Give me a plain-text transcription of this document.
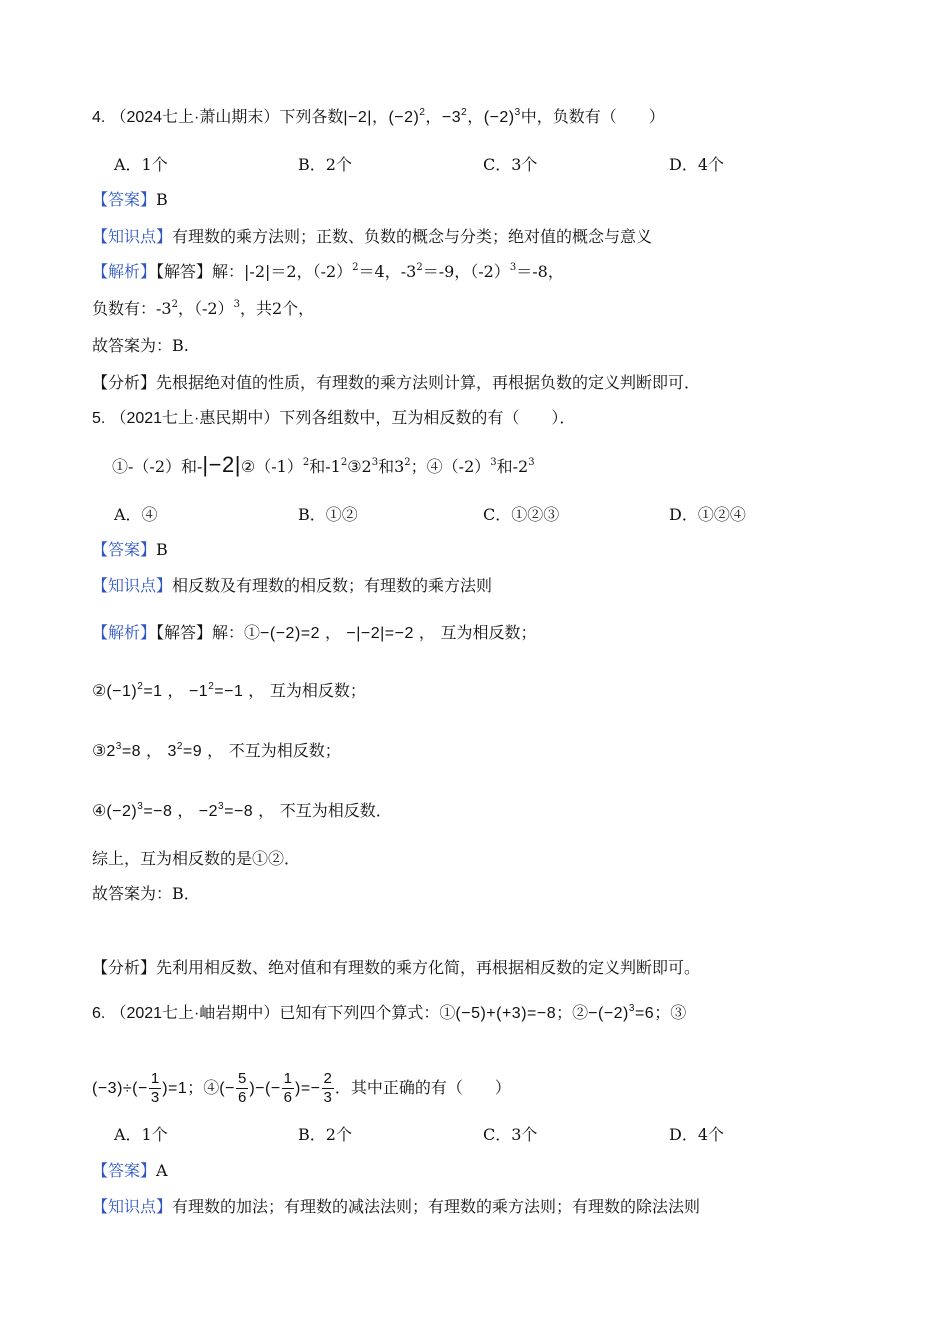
4. （2024七上·萧山期末）下列各数|−2|，$(-2)^2$，$-3^2$，$(-2)^3$中，负数有（　　）
A．1个	B．2个	C．3个	D．4个
【答案】B
【知识点】有理数的乘方法则；正数、负数的概念与分类；绝对值的概念与意义
【解析】【解答】解：|-2|＝2，$(-2)^2=4$，$-3^2=-9$，$(-2)^3=-8$，
负数有：$-3^2$，$(-2)^3$，共2个，
故答案为：B.
【分析】先根据绝对值的性质，有理数的乘方法则计算，再根据负数的定义判断即可．
5. （2021七上·惠民期中）下列各组数中，互为相反数的有（　　）．
①-（-2）和$-|-2|②(-1)^2$和$-1^2③2^3$和$3^2$；$④(-2)^3$和$-2^3$
A．④	B．①②	C．①②③	D．①②④
【答案】B
【知识点】相反数及有理数的相反数；有理数的乘方法则
【解析】【解答】解：①−(−2)=2 ， −|−2|=−2 ， 互为相反数；
$②(-1)^2=1$ ， $-1^2=-1$ ， 互为相反数；
$③2^3=8$ ， $3^2=9$ ， 不互为相反数；
$④(-2)^3=-8$ ， $-2^3=-8$ ， 不互为相反数．
综上，互为相反数的是①②．
故答案为：B．
【分析】先利用相反数、绝对值和有理数的乘方化简，再根据相反数的定义判断即可。
6. （2021七上·岫岩期中）已知有下列四个算式：①(−5)+(+3)=−8；$②-(-2)^3=6$；③
$(-3)\div(- \frac{1}{3} )=1$；④(− $\frac{5}{6}$ )−(− $\frac{1}{6}$ )=− $\frac{2}{3}$ ．其中正确的有（　　）
A．1个	B．2个	C．3个	D．4个
【答案】A
【知识点】有理数的加法；有理数的减法法则；有理数的乘方法则；有理数的除法法则
